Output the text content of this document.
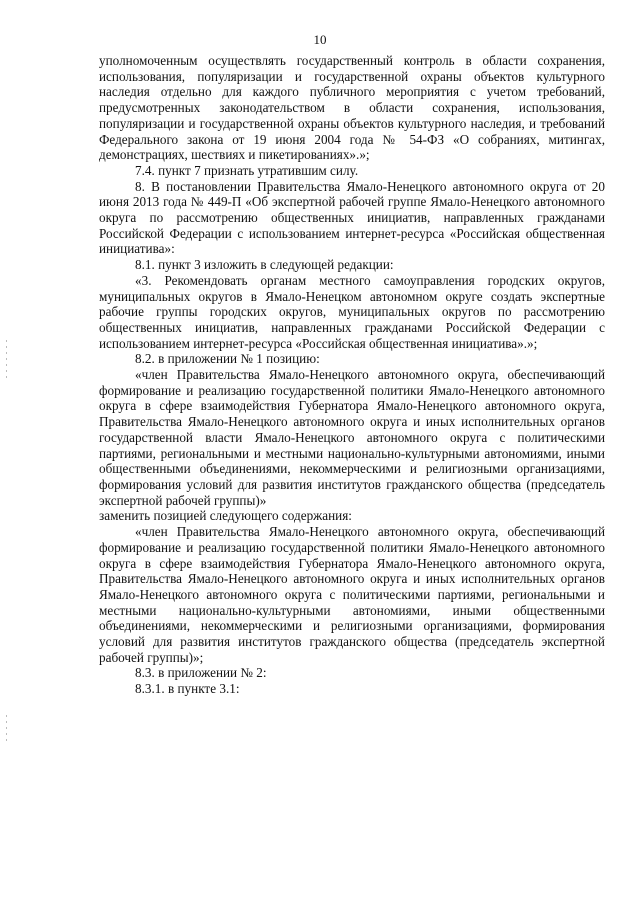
10

уполномоченным осуществлять государственный контроль в области сохранения, использования, популяризации и государственной охраны объектов культурного наследия отдельно для каждого публичного мероприятия с учетом требований, предусмотренных законодательством в области сохранения, использования, популяризации и государственной охраны объектов культурного наследия, и требований Федерального закона от 19 июня 2004 года № 54-ФЗ «О собраниях, митингах, демонстрациях, шествиях и пикетированиях».»;

7.4. пункт 7 признать утратившим силу.

8. В постановлении Правительства Ямало-Ненецкого автономного округа от 20 июня 2013 года № 449-П «Об экспертной рабочей группе Ямало-Ненецкого автономного округа по рассмотрению общественных инициатив, направленных гражданами Российской Федерации с использованием интернет-ресурса «Российская общественная инициатива»:

8.1. пункт 3 изложить в следующей редакции:

«3. Рекомендовать органам местного самоуправления городских округов, муниципальных округов в Ямало-Ненецком автономном округе создать экспертные рабочие группы городских округов, муниципальных округов по рассмотрению общественных инициатив, направленных гражданами Российской Федерации с использованием интернет-ресурса «Российская общественная инициатива».»;

8.2. в приложении № 1 позицию:

«член Правительства Ямало-Ненецкого автономного округа, обеспечивающий формирование и реализацию государственной политики Ямало-Ненецкого автономного округа в сфере взаимодействия Губернатора Ямало-Ненецкого автономного округа, Правительства Ямало-Ненецкого автономного округа и иных исполнительных органов государственной власти Ямало-Ненецкого автономного округа с политическими партиями, региональными и местными национально-культурными автономиями, иными общественными объединениями, некоммерческими и религиозными организациями, формирования условий для развития институтов гражданского общества (председатель экспертной рабочей группы)»

заменить позицией следующего содержания:

«член Правительства Ямало-Ненецкого автономного округа, обеспечивающий формирование и реализацию государственной политики Ямало-Ненецкого автономного округа в сфере взаимодействия Губернатора Ямало-Ненецкого автономного округа, Правительства Ямало-Ненецкого автономного округа и иных исполнительных органов Ямало-Ненецкого автономного округа с политическими партиями, региональными и местными национально-культурными автономиями, иными общественными объединениями, некоммерческими и религиозными организациями, формирования условий для развития институтов гражданского общества (председатель экспертной рабочей группы)»;

8.3. в приложении № 2:

8.3.1. в пункте 3.1:
